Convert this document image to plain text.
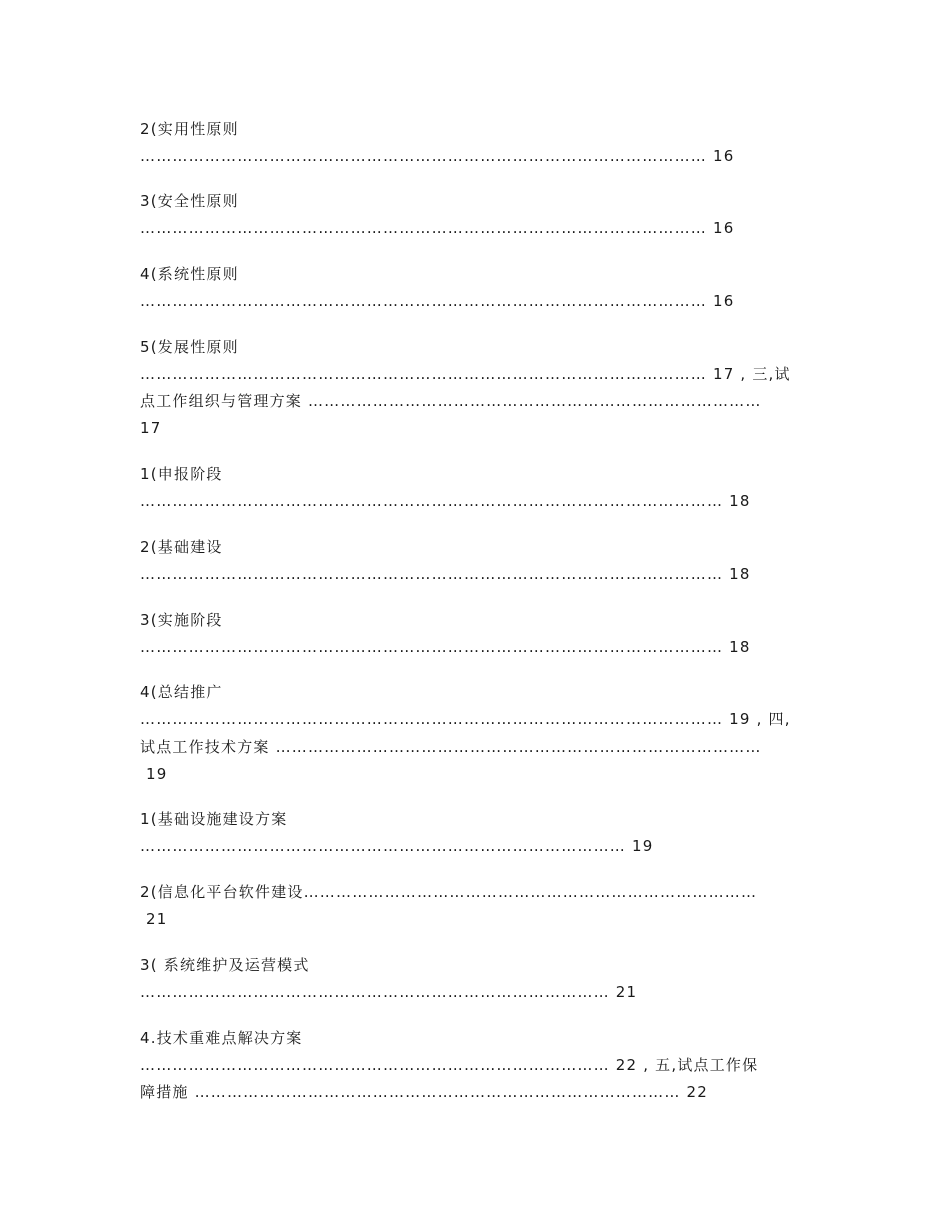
2(实用性原则
…………………………………………………………………………………………… 16
3(安全性原则
…………………………………………………………………………………………… 16
4(系统性原则
…………………………………………………………………………………………… 16
5(发展性原则
…………………………………………………………………………………………… 17 , 三,试
点工作组织与管理方案 …………………………………………………………………………
17
1(申报阶段
……………………………………………………………………………………………… 18
2(基础建设
……………………………………………………………………………………………… 18
3(实施阶段
……………………………………………………………………………………………… 18
4(总结推广
……………………………………………………………………………………………… 19 , 四,
试点工作技术方案 ………………………………………………………………………………
19
1(基础设施建设方案
……………………………………………………………………………… 19
2(信息化平台软件建设…………………………………………………………………………
21
3( 系统维护及运营模式
…………………………………………………………………………… 21
4.技术重难点解决方案
…………………………………………………………………………… 22 , 五,试点工作保
障措施 ……………………………………………………………………………… 22
